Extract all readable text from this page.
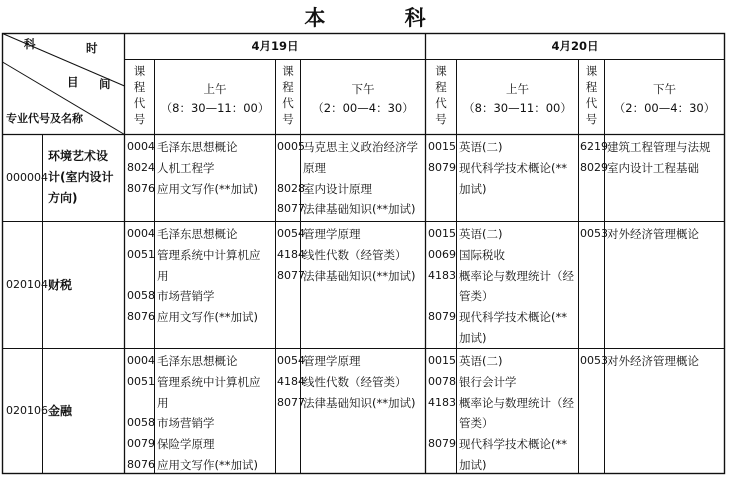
本 科
科	时
目 间
专业代号及名称
4月19日	4月20日
课
程
代
号
课
程
代
号
课
程
代
号
课
程
代
号
上午
（8：30—11：00）
下午
（2：00—4：30）
上午
（8：30—11：00）
下午
（2：00—4：30）
000004
环境艺术设
计(室内设计
方向)
0004
8024
8076
毛泽东思想概论
人机工程学
应用文写作(**加试)
0005
8028
8077
马克思主义政治经济学
原理
室内设计原理
法律基础知识(**加试)
0015
8079
英语(二)
现代科学技术概论(**
加试)
6219
8029
建筑工程管理与法规
室内设计工程基础
020104 财税
0004
0051
0058
8076
毛泽东思想概论
管理系统中计算机应
用
市场营销学
应用文写作(**加试)
0054
4184
8077
管理学原理
线性代数（经管类）
法律基础知识(**加试)
0015
0069
4183
8079
英语(二)
国际税收
概率论与数理统计（经
管类）
现代科学技术概论(**
加试)
0053 对外经济管理概论
020106 金融
0004
0051
0058
0079
8076
毛泽东思想概论
管理系统中计算机应
用
市场营销学
保险学原理
应用文写作(**加试)
0054
4184
8077
管理学原理
线性代数（经管类）
法律基础知识(**加试)
0015
0078
4183
8079
英语(二)
银行会计学
概率论与数理统计（经
管类）
现代科学技术概论(**
加试)
0053 对外经济管理概论
